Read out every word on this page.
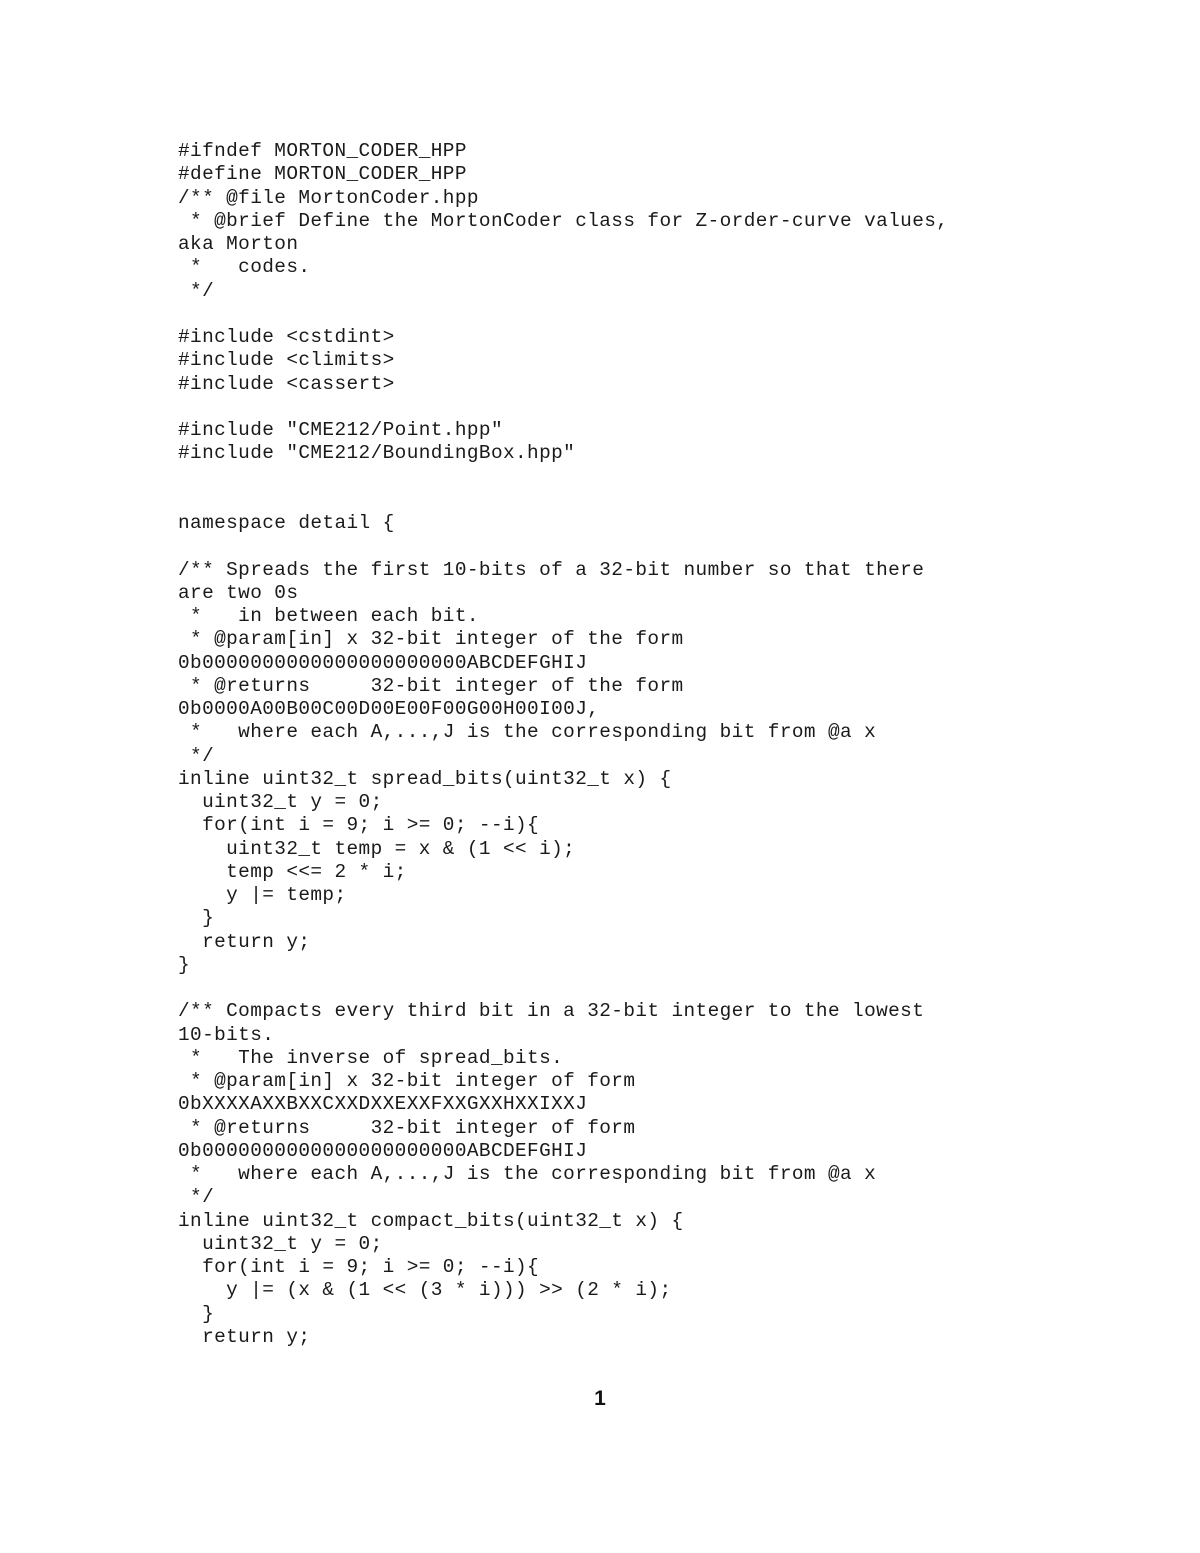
#ifndef MORTON_CODER_HPP
#define MORTON_CODER_HPP
/** @file MortonCoder.hpp
* @brief Define the MortonCoder class for Z-order-curve values,
aka Morton
*   codes.
*/
#include <cstdint>
#include <climits>
#include <cassert>
#include "CME212/Point.hpp"
#include "CME212/BoundingBox.hpp"
namespace detail {
/** Spreads the first 10-bits of a 32-bit number so that there
are two 0s
*   in between each bit.
* @param[in] x 32-bit integer of the form
0b0000000000000000000000ABCDEFGHIJ
* @returns     32-bit integer of the form
0b0000A00B00C00D00E00F00G00H00I00J,
*   where each A,...,J is the corresponding bit from @a x
*/
inline uint32_t spread_bits(uint32_t x) {
uint32_t y = 0;
for(int i = 9; i >= 0; --i){
uint32_t temp = x & (1 << i);
temp <<= 2 * i;
y |= temp;
}
return y;
}
/** Compacts every third bit in a 32-bit integer to the lowest
10-bits.
*   The inverse of spread_bits.
* @param[in] x 32-bit integer of form
0bXXXXAXXBXXCXXDXXEXXFXXGXXHXXIXXJ
* @returns     32-bit integer of form
0b0000000000000000000000ABCDEFGHIJ
*   where each A,...,J is the corresponding bit from @a x
*/
inline uint32_t compact_bits(uint32_t x) {
uint32_t y = 0;
for(int i = 9; i >= 0; --i){
y |= (x & (1 << (3 * i))) >> (2 * i);
}
return y;
1
